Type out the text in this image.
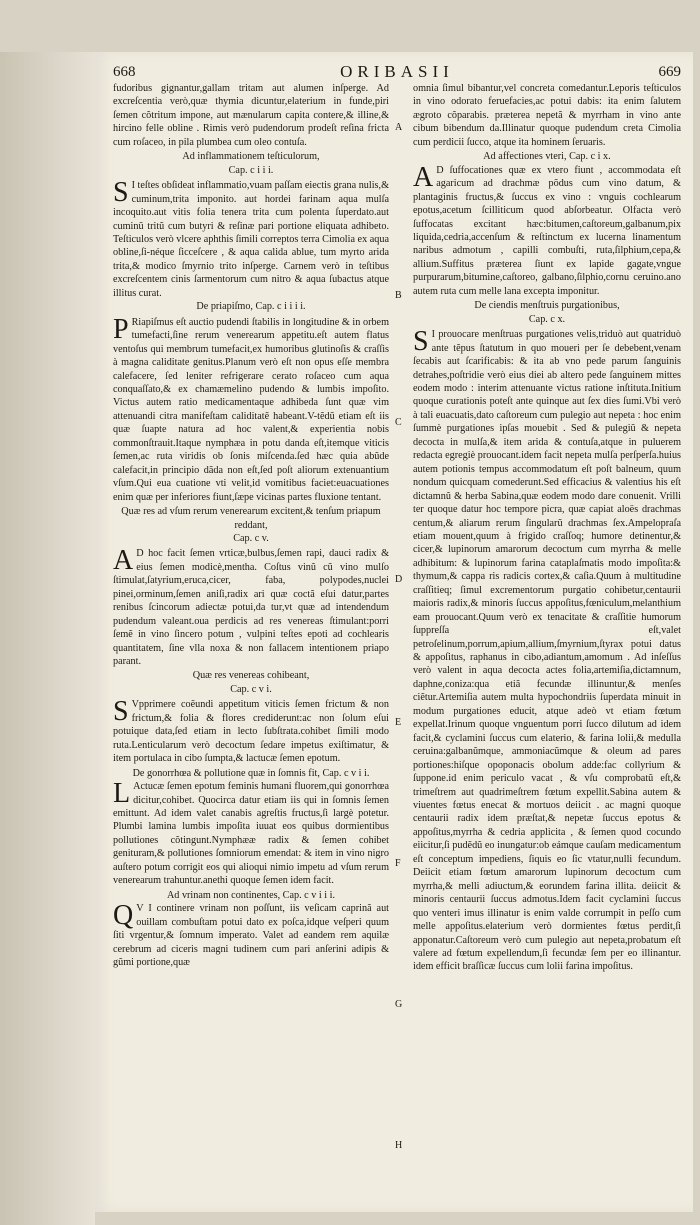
668	ORIBASII	669
fudoribus gignantur,gallam tritam aut alumen inſperge. Ad excreſcentia verò,quæ thymia dicuntur,elaterium in funde,piri ſemen cõtritum impone, aut mænularum capita contere,& illine,& hircino felle obline . Rimis verò pudendorum prodeſt reſina fricta cum roſaceo, in pila plumbea cum oleo contuſa.
Ad inflammationem teſticulorum,
Cap. c i i i.
S I teſtes obſideat inflammatio,vuam paſſam eiectis grana nulis,& cuminum,trita imponito. aut hordei farinam aqua mulſa incoquito.aut vitis folia tenera trita cum polenta ſuperdato.aut cuminũ tritũ cum butyri & reſinæ pari portione eliquata adhibeto. Teſticulos verò vlcere aphthis ſimili correptos terra Cimolia ex aqua obline,ſi-néque ſicceſcere , & aqua calida ablue, tum myrto arida trita,& modico ſmyrnio trito inſperge. Carnem verò in teſtibus excreſcentem cinis ſarmentorum cum nitro & aqua ſubactus atque illitus curat.
De priapiſmo, Cap. c i i i i.
P Riapiſmus eſt auctio pudendi ſtabilis in longitudine & in orbem tumefacti,ſine rerum venerearum appetitu.eſt autem flatus ventoſus qui membrum tumefacit,ex humoribus glutinoſis & craſſis à magna caliditate genitus.Planum verò eſt non opus eſſe membra calefacere, ſed leniter refrigerare cerato roſaceo cum aqua conquaſſato,& ex chamæmelino pudendo & lumbis impoſito. Victus autem ratio medicamentaque adhibeda ſunt quæ vim attenuandi citra manifeſtam caliditatẽ habeant.V-tẽdũ etiam eſt iis quæ ſuapte natura ad hoc valent,& experientia nobis commonſtrauit.Itaque nymphæa in potu danda eſt,itemque viticis ſemen,ac ruta viridis ob ſonis miſcenda.ſed hæc quia abũde calefacit,in principio dãda non eſt,ſed poſt aliorum extenuantium vſum.Qui eua cuatione vti velit,id vomitibus faciet:euacuationes enim quæ per inferiores fiunt,ſæpe vicinas partes fluxione tentant.
Quæ res ad vſum rerum venerearum excitent,& tenſum priapum reddant,
Cap. c v.
A D hoc facit ſemen vrticæ,bulbus,ſemen rapi, dauci radix & eius ſemen modicè,mentha. Coſtus vinũ cũ vino mulſo ſtimulat,ſatyrium,eruca,cicer, faba, polypodes,nuclei pinei,orminum,ſemen aniſi,radix ari quæ coctã eſui datur,partes renibus ſcincorum adiectæ potui,da tur,vt quæ ad intendendum pudendum valeant.oua perdicis ad res venereas ſtimulant:porri ſemẽ in vino ſincero potum , vulpini teſtes epoti ad cochlearis quantitatem, ſine vlla noxa & non fallacem intentionem priapo parant.
Quæ res venereas cohibeant,
Cap. c v i.
S Vpprimere coẽundi appetitum viticis ſemen frictum & non frictum,& folia & flores crediderunt:ac non ſolum eſui potuique data,ſed etiam in lecto ſubſtrata.cohibet ſimili modo ruta.Lenticularum verò decoctum ſedare impetus exiſtimatur, & item portulaca in cibo ſumpta,& lactucæ ſemen epotum.
De gonorrhœa & pollutione quæ in ſomnis fit, Cap. c v i i.
L Actucæ ſemen epotum feminis humani fluorem,qui gonorrhœa dicitur,cohibet. Quocirca datur etiam iis qui in ſomnis ſemen emittunt. Ad idem valet canabis agreſtis fructus,ſi largè potetur. Plumbi lamina lumbis impoſita iuuat eos quibus dormientibus pollutiones cõtingunt.Nymphææ radix & ſemen cohibet genituram,& pollutiones ſomniorum emendat: & item in vino nigro auſtero potum corrigit eos qui alioqui nimio impetu ad vſum rerum venerearum trahuntur.anethi quoque ſemen idem facit.
Ad vrinam non continentes, Cap. c v i i i.
Q V I continere vrinam non poſſunt, iis veſicam caprinã aut ouillam combuſtam potui dato ex poſca,idque veſperi quum ſiti vrgentur,& ſomnum imperato. Valet ad eandem rem aquilæ cerebrum ad ciceris magni tudinem cum pari anſerini adipis & gũmi portione,quæ
A
B
C
D
E
F
G
H
omnia ſimul bibantur,vel concreta comedantur.Leporis teſticulos in vino odorato feruefacies,ac potui dabis: ita enim ſalutem ægroto cõparabis. præterea nepetã & myrrham in vino ante cibum bibendum da.Illinatur quoque pudendum creta Cimolia cum perdicii ſucco, atque ita hominem ſeruaris.
Ad affectiones vteri, Cap. c i x.
A D ſuffocationes quæ ex vtero fiunt , accommodata eſt agaricum ad drachmæ põdus cum vino datum, & plantaginis fructus,& ſuccus ex vino : vnguis cochlearum epotus,acetum ſcilliticum quod abſorbeatur. Olfacta verò ſuffocatas excitant hæc:bitumen,caſtoreum,galbanum,pix liquida,cedria,accenſum & reſtinctum ex lucerna linamentum naribus admotum , capilli combuſti, ruta,ſilphium,cepa,& allium.Suffitus præterea ſiunt ex lapide gagate,vngue purpurarum,bitumine,caſtoreo, galbano,ſilphio,cornu ceruino.ano autem ruta cum melle lana excepta imponitur.
De ciendis menſtruis purgationibus,
Cap. c x.
S I prouocare menſtruas purgationes velis,triduò aut quatriduò ante tẽpus ſtatutum in quo moueri per ſe debebent,venam ſecabis aut ſcarificabis: & ita ab vno pede parum ſanguinis detrahes,poſtridie verò eius diei ab altero pede ſanguinem mittes eodem modo : interim attenuante victus ratione inſtituta.Initium quoque curationis poteſt ante quinque aut ſex dies ſumi.Vbi verò à tali euacuatis,dato caſtoreum cum pulegio aut nepeta : hoc enim ſummè purgationes ipſas mouebit . Sed & pulegiũ & nepeta decocta in mulſa,& item arida & contuſa,atque in puluerem redacta egregiè prouocant.idem facit nepeta mulſa perſperſa.huius autem potionis tempus accommodatum eſt poſt balneum, quum nondum quicquam comederunt.Sed efficacius & valentius his eſt dictamnũ & herba Sabina,quæ eodem modo dare conuenit. Vrilli ter quoque datur hoc tempore picra, quæ capiat aloës drachmas centum,& aliarum rerum ſingularũ drachmas ſex.Ampelopraſa etiam mouent,quum à frigido craſſoq; humore detinentur,& cicer,& lupinorum amarorum decoctum cum myrrha & melle adhibitum: & lupinorum farina cataplaſmatis modo impoſita:& thymum,& cappa ris radicis cortex,& caſia.Quum à multitudine craſſitieq; ſimul excrementorum purgatio cohibetur,centaurii maioris radix,& minoris ſuccus appoſitus,fœniculum,melanthium eam prouocant.Quum verò ex tenacitate & craſſitie humorum ſuppreſſa eſt,valet petroſelinum,porrum,apium,allium,ſmyrnium,ſtyrax potui datus & appoſitus, raphanus in cibo,adiantum,amomum . Ad inſeſſus verò valent in aqua decocta actes folia,artemiſia,dictamnum, daphne,coniza:qua etiã fecundæ illinuntur,& menſes ciẽtur.Artemiſia autem multa hypochondriis ſuperdata minuit in modum purgationes educit, atque adeò vt etiam fœtum expellat.Irinum quoque vnguentum porri ſucco dilutum ad idem facit,& cyclamini ſuccus cum elaterio, & farina lolii,& medulla ceruina:galbanũmque, ammoniacũmque & oleum ad pares portiones:hiſque opoponacis obolum adde:fac collyrium & ſuppone.id enim periculo vacat , & vſu comprobatũ eſt,& trimeſtrem aut quadrimeſtrem fœtum expellit.Sabina autem & viuentes fœtus enecat & mortuos deiicit . ac magni quoque centaurii radix idem præſtat,& nepetæ ſuccus epotus & appoſitus,myrrha & cedria applicita , & ſemen quod cocundo eiicitur,ſi pudẽdũ eo inungatur:ob eámque cauſam medicamentum eſt conceptum impediens, ſiquis eo ſic vtatur,nulli fecundum. Deiicit etiam fœtum amarorum lupinorum decoctum cum myrrha,& melli adiuctum,& eorundem farina illita. deiicit & minoris centaurii ſuccus admotus.Idem facit cyclamini ſuccus quo venteri imus illinatur is enim valde corrumpit in peſſo cum melle appoſitus.elaterium verò dormientes fœtus perdit,ſi apponatur.Caſtoreum verò cum pulegio aut nepeta,probatum eſt valere ad fœtum expellendum,ſi fecundæ ſem per eo illinantur. idem efficit braſſicæ ſuccus cum lolii farina impoſitus.
